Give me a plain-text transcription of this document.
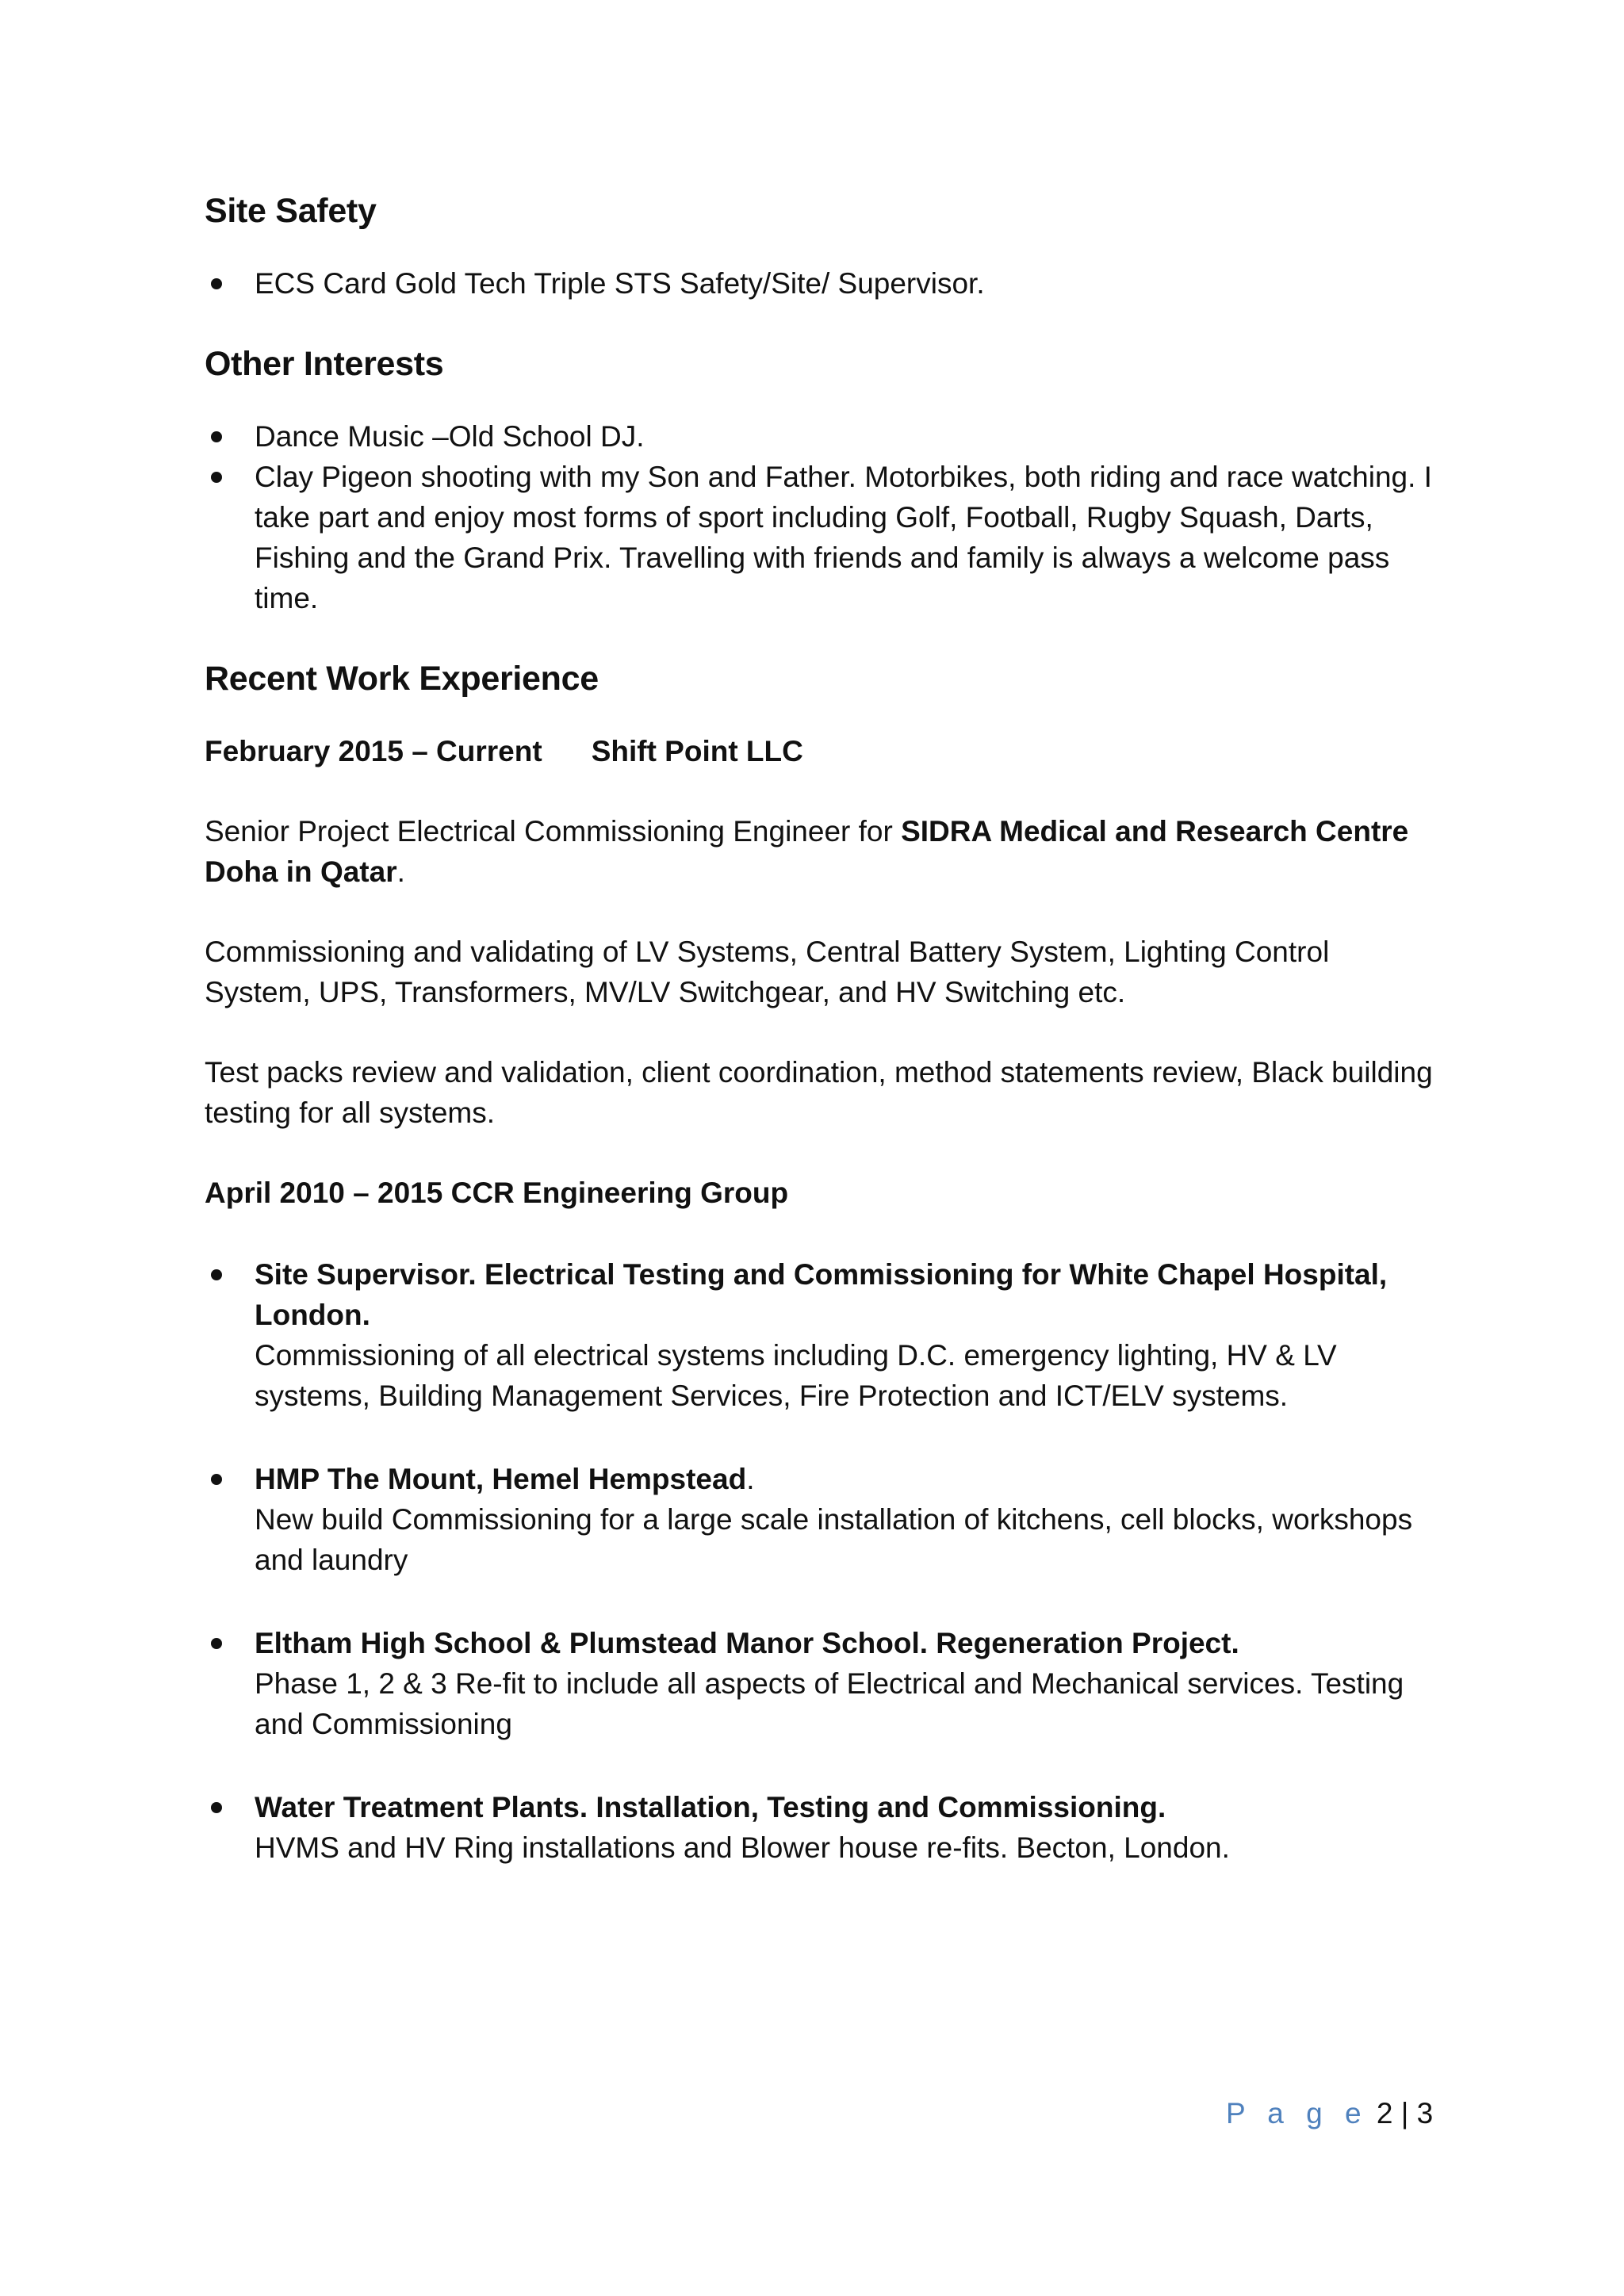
Site Safety
ECS Card Gold Tech Triple STS Safety/Site/ Supervisor.
Other Interests
Dance Music –Old School DJ.
Clay Pigeon shooting with my Son and Father. Motorbikes, both riding and race watching. I take part and enjoy most forms of sport including Golf, Football, Rugby Squash, Darts, Fishing and the Grand Prix. Travelling with friends and family is always a welcome pass time.
Recent Work Experience
February 2015 – Current Shift Point LLC

Senior Project Electrical Commissioning Engineer for SIDRA Medical and Research Centre Doha in Qatar.

Commissioning and validating of LV Systems, Central Battery System, Lighting Control System, UPS, Transformers, MV/LV Switchgear, and HV Switching etc.

Test packs review and validation, client coordination, method statements review, Black building testing for all systems.

April 2010 – 2015 CCR Engineering Group
Site Supervisor. Electrical Testing and Commissioning for White Chapel Hospital, London.
Commissioning of all electrical systems including D.C. emergency lighting, HV & LV systems, Building Management Services, Fire Protection and ICT/ELV systems.
HMP The Mount, Hemel Hempstead.
New build Commissioning for a large scale installation of kitchens, cell blocks, workshops and laundry
Eltham High School & Plumstead Manor School. Regeneration Project.
Phase 1, 2 & 3 Re-fit to include all aspects of Electrical and Mechanical services. Testing and Commissioning
Water Treatment Plants. Installation, Testing and Commissioning.
HVMS and HV Ring installations and Blower house re-fits. Becton, London.
P a g e 2 | 3
